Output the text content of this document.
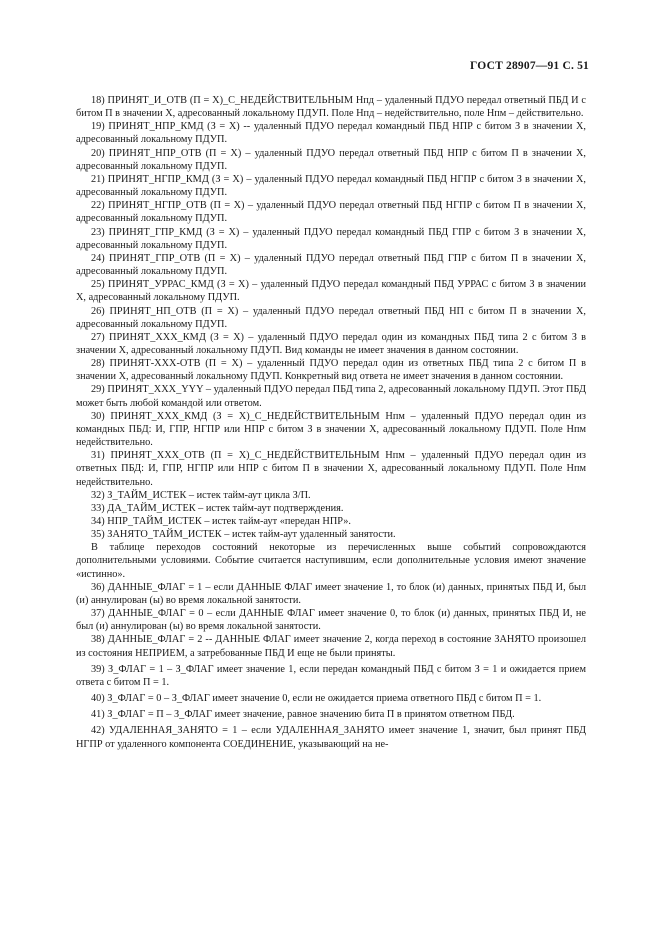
ГОСТ 28907—91 С. 51

18) ПРИНЯТ_И_ОТВ (П = Х)_С_НЕДЕЙСТВИТЕЛЬНЫМ Нпд – удаленный ПДУО передал ответный ПБД И с битом П в значении Х, адресованный локальному ПДУП. Поле Нпд – недействительно, поле Нпм – действительно.

19) ПРИНЯТ_НПР_КМД (З = Х) -- удаленный ПДУО передал командный ПБД НПР с битом З в значении Х, адресованный локальному ПДУП.

20) ПРИНЯТ_НПР_ОТВ (П = Х) – удаленный ПДУО передал ответный ПБД НПР с битом П в значении Х, адресованный локальному ПДУП.

21) ПРИНЯТ_НГПР_КМД (З = Х) – удаленный ПДУО передал командный ПБД НГПР с битом З в значении Х, адресованный локальному ПДУП.

22) ПРИНЯТ_НГПР_ОТВ (П = Х) – удаленный ПДУО передал ответный ПБД НГПР с битом П в значении Х, адресованный локальному ПДУП.

23) ПРИНЯТ_ГПР_КМД (З = Х) – удаленный ПДУО передал командный ПБД ГПР с битом З в значении Х, адресованный локальному ПДУП.

24) ПРИНЯТ_ГПР_ОТВ (П = Х) – удаленный ПДУО передал ответный ПБД ГПР с битом П в значении Х, адресованный локальному ПДУП.

25) ПРИНЯТ_УРРАС_КМД (З = Х) – удаленный ПДУО передал командный ПБД УРРАС с битом З в значении Х, адресованный локальному ПДУП.

26) ПРИНЯТ_НП_ОТВ (П = Х) – удаленный ПДУО передал ответный ПБД НП с битом П в значении Х, адресованный локальному ПДУП.

27) ПРИНЯТ_ХХХ_КМД (З = Х) – удаленный ПДУО передал один из командных ПБД типа 2 с битом З в значении Х, адресованный локальному ПДУП. Вид команды не имеет значения в данном состоянии.

28) ПРИНЯТ-ХХХ-ОТВ (П = Х) – удаленный ПДУО передал один из ответных ПБД типа 2 с битом П в значении Х, адресованный локальному ПДУП. Конкретный вид ответа не имеет значения в данном состоянии.

29) ПРИНЯТ_ХХХ_YYY – удаленный ПДУО передал ПБД типа 2, адресованный локальному ПДУП. Этот ПБД может быть любой командой или ответом.

30) ПРИНЯТ_ХХХ_КМД (З = Х)_С_НЕДЕЙСТВИТЕЛЬНЫМ Нпм – удаленный ПДУО передал один из командных ПБД: И, ГПР, НГПР или НПР с битом З в значении Х, адресованный локальному ПДУП. Поле Нпм недействительно.

31) ПРИНЯТ_ХХХ_ОТВ (П = Х)_С_НЕДЕЙСТВИТЕЛЬНЫМ Нпм – удаленный ПДУО передал один из ответных ПБД: И, ГПР, НГПР или НПР с битом П в значении Х, адресованный локальному ПДУП. Поле Нпм недействительно.

32) З_ТАЙМ_ИСТЕК – истек тайм-аут цикла З/П.

33) ДА_ТАЙМ_ИСТЕК – истек тайм-аут подтверждения.

34) НПР_ТАЙМ_ИСТЕК – истек тайм-аут «передан НПР».

35) ЗАНЯТО_ТАЙМ_ИСТЕК – истек тайм-аут удаленный занятости.

В таблице переходов состояний некоторые из перечисленных выше событий сопровождаются дополнительными условиями. Событие считается наступившим, если дополнительные условия имеют значение «истинно».

36) ДАННЫЕ_ФЛАГ = 1 – если ДАННЫЕ ФЛАГ имеет значение 1, то блок (и) данных, принятых ПБД И, был (и) аннулирован (ы) во время локальной занятости.

37) ДАННЫЕ_ФЛАГ = 0 – если ДАННЫЕ ФЛАГ имеет значение 0, то блок (и) данных, принятых ПБД И, не был (и) аннулирован (ы) во время локальной занятости.

38) ДАННЫЕ_ФЛАГ = 2 -- ДАННЫЕ ФЛАГ имеет значение 2, когда переход в состояние ЗАНЯТО произошел из состояния НЕПРИЕМ, а затребованные ПБД И еще не были приняты.

39) З_ФЛАГ = 1 – З_ФЛАГ имеет значение 1, если передан командный ПБД с битом З = 1 и ожидается прием ответа с битом П = 1.

40) З_ФЛАГ = 0 – З_ФЛАГ имеет значение 0, если не ожидается приема ответного ПБД с битом П = 1.

41) З_ФЛАГ = П – З_ФЛАГ имеет значение, равное значению бита П в принятом ответном ПБД.

42) УДАЛЕННАЯ_ЗАНЯТО = 1 – если УДАЛЕННАЯ_ЗАНЯТО имеет значение 1, значит, был принят ПБД НГПР от удаленного компонента СОЕДИНЕНИЕ, указывающий на не-
